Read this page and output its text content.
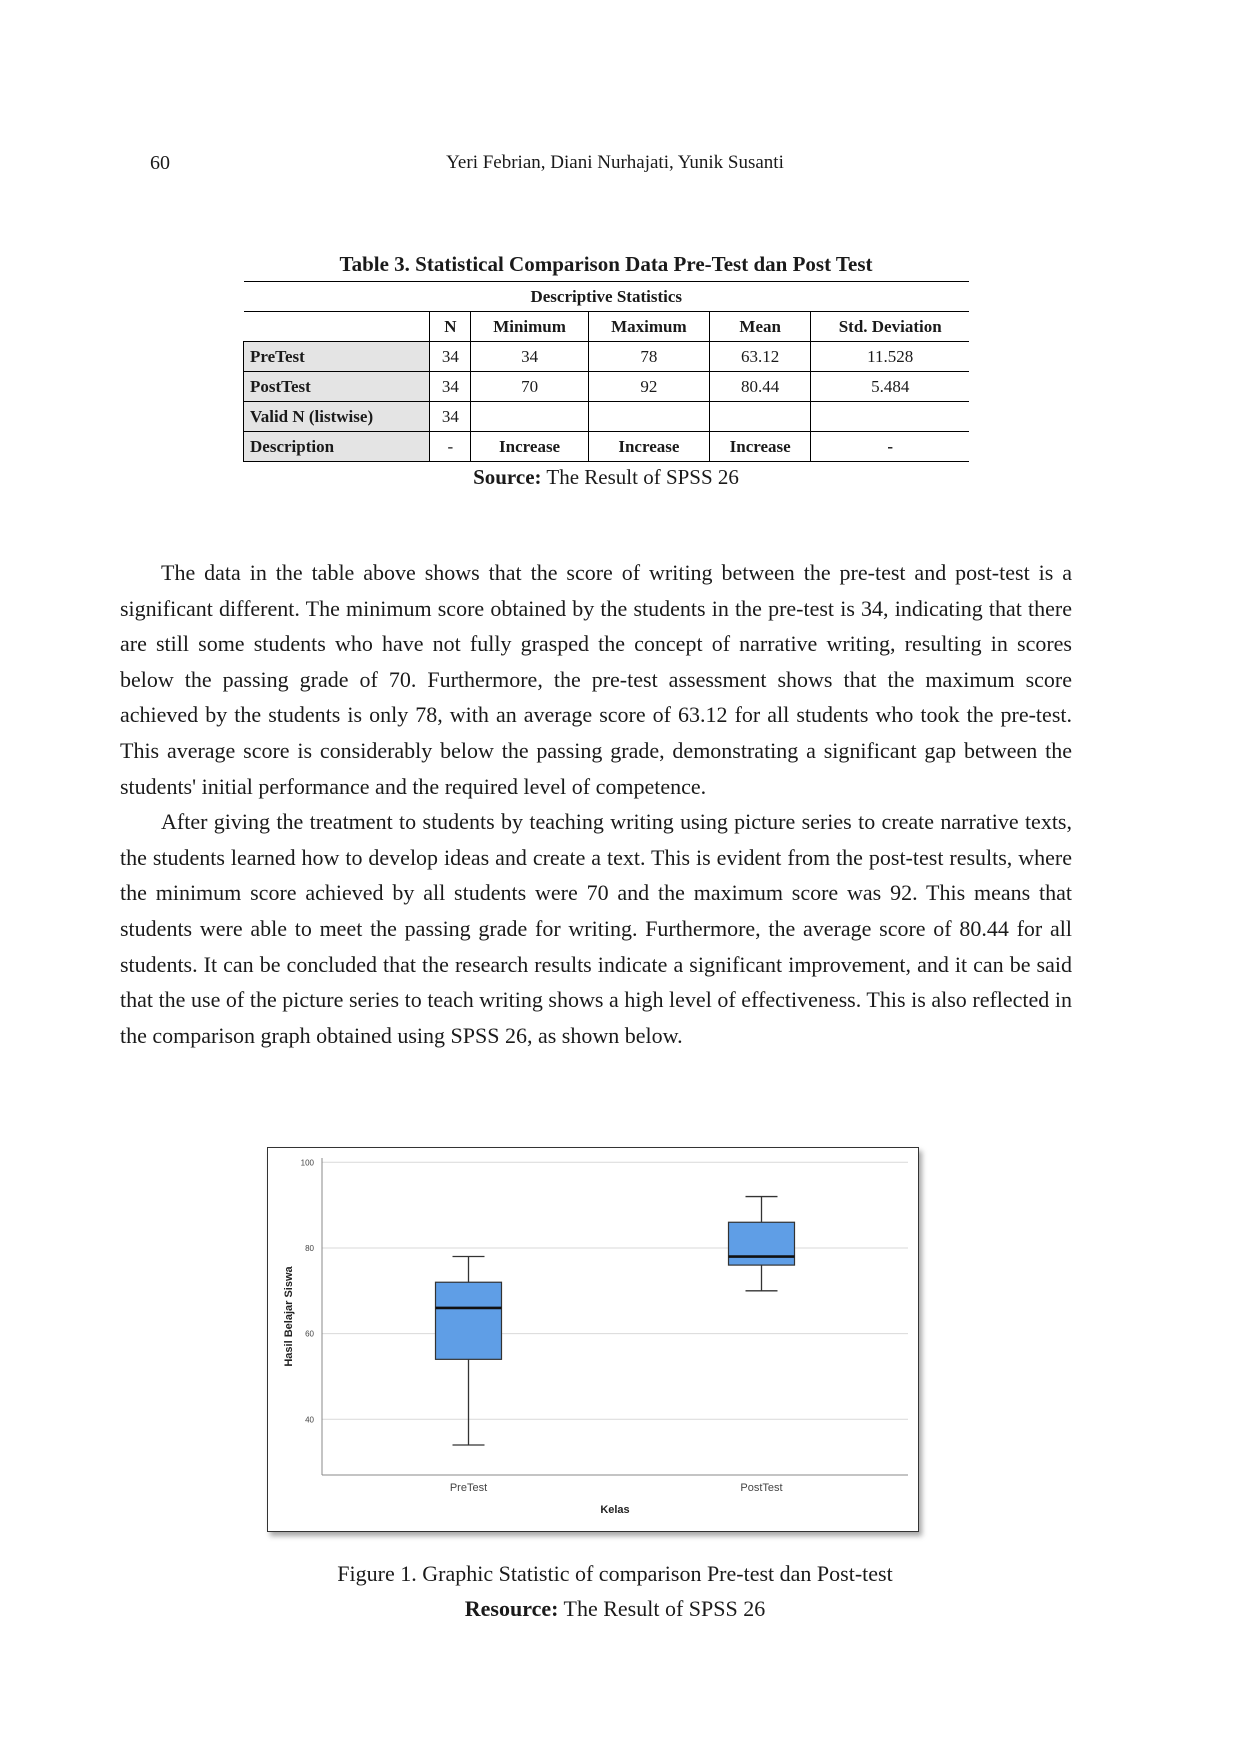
60	Yeri Febrian, Diani Nurhajati, Yunik Susanti
Table 3. Statistical Comparison Data Pre-Test dan Post Test
Descriptive Statistics					
	N	Minimum	Maximum	Mean	Std. Deviation
PreTest	34	34	78	63.12	11.528
PostTest	34	70	92	80.44	5.484
Valid N (listwise)	34				
Description	-	Increase	Increase	Increase	-
Source: The Result of SPSS 26

The data in the table above shows that the score of writing between the pre-test and post-test is a significant different. The minimum score obtained by the students in the pre-test is 34, indicating that there are still some students who have not fully grasped the concept of narrative writing, resulting in scores below the passing grade of 70. Furthermore, the pre-test assessment shows that the maximum score achieved by the students is only 78, with an average score of 63.12 for all students who took the pre-test. This average score is considerably below the passing grade, demonstrating a significant gap between the students' initial performance and the required level of competence.

After giving the treatment to students by teaching writing using picture series to create narrative texts, the students learned how to develop ideas and create a text. This is evident from the post-test results, where the minimum score achieved by all students were 70 and the maximum score was 92. This means that students were able to meet the passing grade for writing. Furthermore, the average score of 80.44 for all students. It can be concluded that the research results indicate a significant improvement, and it can be said that the use of the picture series to teach writing shows a high level of effectiveness. This is also reflected in the comparison graph obtained using SPSS 26, as shown below.

40
60
80
100
PreTest	PostTest
Kelas
Hasil Belajar Siswa
Figure 1. Graphic Statistic of comparison Pre-test dan Post-test
Resource: The Result of SPSS 26
